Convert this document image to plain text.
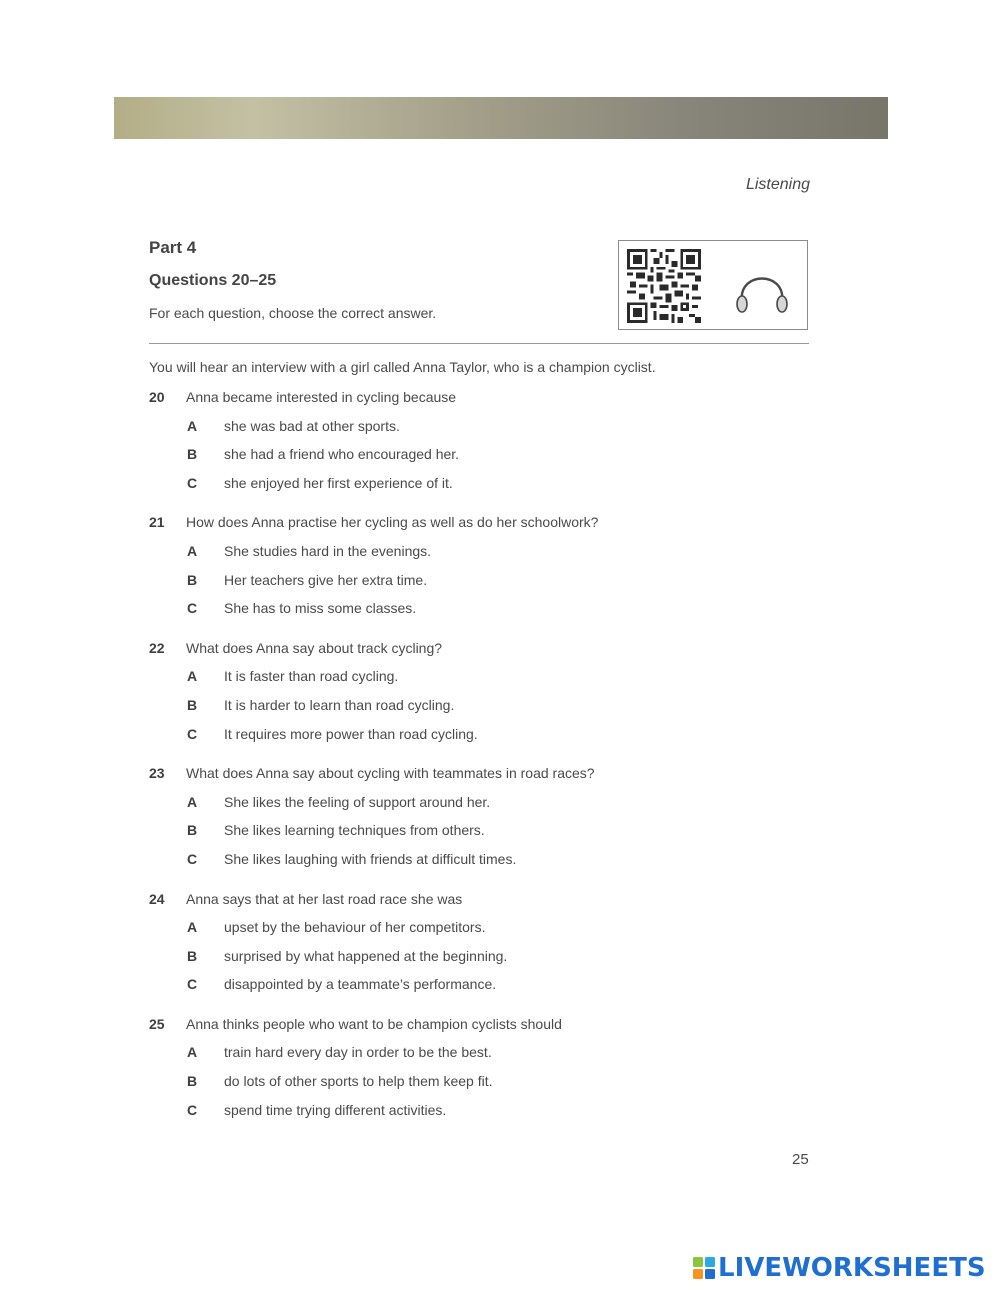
Listening
Part 4
Questions 20–25
For each question, choose the correct answer.
You will hear an interview with a girl called Anna Taylor, who is a champion cyclist.
20	Anna became interested in cycling because
A	she was bad at other sports.
B	she had a friend who encouraged her.
C	she enjoyed her first experience of it.
21	How does Anna practise her cycling as well as do her schoolwork?
A	She studies hard in the evenings.
B	Her teachers give her extra time.
C	She has to miss some classes.
22	What does Anna say about track cycling?
A	It is faster than road cycling.
B	It is harder to learn than road cycling.
C	It requires more power than road cycling.
23	What does Anna say about cycling with teammates in road races?
A	She likes the feeling of support around her.
B	She likes learning techniques from others.
C	She likes laughing with friends at difficult times.
24	Anna says that at her last road race she was
A	upset by the behaviour of her competitors.
B	surprised by what happened at the beginning.
C	disappointed by a teammate’s performance.
25	Anna thinks people who want to be champion cyclists should
A	train hard every day in order to be the best.
B	do lots of other sports to help them keep fit.
C	spend time trying different activities.
25
LIVEWORKSHEETS
